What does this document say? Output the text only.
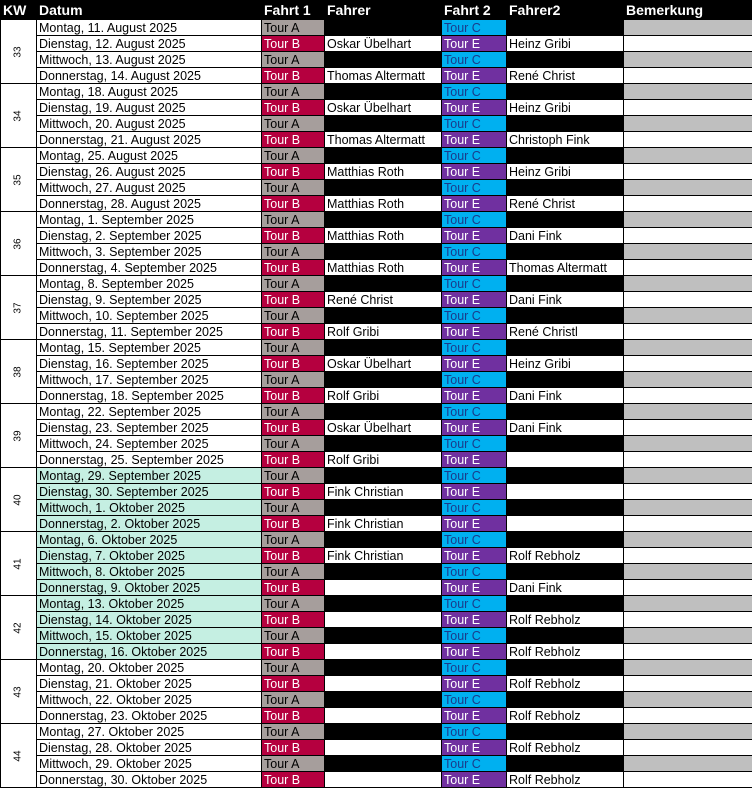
KW	Datum	Fahrt 1	Fahrer	Fahrt 2	Fahrer2	Bemerkung
33	Montag, 11. August 2025	Tour A		Tour C		
	Dienstag, 12. August 2025	Tour B	Oskar Übelhart	Tour E	Heinz Gribi	
	Mittwoch, 13. August 2025	Tour A		Tour C		
	Donnerstag, 14. August 2025	Tour B	Thomas Altermatt	Tour E	René Christ	
34	Montag, 18. August 2025	Tour A		Tour C		
	Dienstag, 19. August 2025	Tour B	Oskar Übelhart	Tour E	Heinz Gribi	
	Mittwoch, 20. August 2025	Tour A		Tour C		
	Donnerstag, 21. August 2025	Tour B	Thomas Altermatt	Tour E	Christoph Fink	
35	Montag, 25. August 2025	Tour A		Tour C		
	Dienstag, 26. August 2025	Tour B	Matthias Roth	Tour E	Heinz Gribi	
	Mittwoch, 27. August 2025	Tour A		Tour C		
	Donnerstag, 28. August 2025	Tour B	Matthias Roth	Tour E	René Christ	
36	Montag, 1. September 2025	Tour A		Tour C		
	Dienstag, 2. September 2025	Tour B	Matthias Roth	Tour E	Dani Fink	
	Mittwoch, 3. September 2025	Tour A		Tour C		
	Donnerstag, 4. September 2025	Tour B	Matthias Roth	Tour E	Thomas Altermatt	
37	Montag, 8. September 2025	Tour A		Tour C		
	Dienstag, 9. September 2025	Tour B	René Christ	Tour E	Dani Fink	
	Mittwoch, 10. September 2025	Tour A		Tour C		
	Donnerstag, 11. September 2025	Tour B	Rolf Gribi	Tour E	René Christl	
38	Montag, 15. September 2025	Tour A		Tour C		
	Dienstag, 16. September 2025	Tour B	Oskar Übelhart	Tour E	Heinz Gribi	
	Mittwoch, 17. September 2025	Tour A		Tour C		
	Donnerstag, 18. September 2025	Tour B	Rolf Gribi	Tour E	Dani Fink	
39	Montag, 22. September 2025	Tour A		Tour C		
	Dienstag, 23. September 2025	Tour B	Oskar Übelhart	Tour E	Dani Fink	
	Mittwoch, 24. September 2025	Tour A		Tour C		
	Donnerstag, 25. September 2025	Tour B	Rolf Gribi	Tour E		
40	Montag, 29. September 2025	Tour A		Tour C		
	Dienstag, 30. September 2025	Tour B	Fink Christian	Tour E		
	Mittwoch, 1. Oktober 2025	Tour A		Tour C		
	Donnerstag, 2. Oktober 2025	Tour B	Fink Christian	Tour E		
41	Montag, 6. Oktober 2025	Tour A		Tour C		
	Dienstag, 7. Oktober 2025	Tour B	Fink Christian	Tour E	Rolf Rebholz	
	Mittwoch, 8. Oktober 2025	Tour A		Tour C		
	Donnerstag, 9. Oktober 2025	Tour B		Tour E	Dani Fink	
42	Montag, 13. Oktober 2025	Tour A		Tour C		
	Dienstag, 14. Oktober 2025	Tour B		Tour E	Rolf Rebholz	
	Mittwoch, 15. Oktober 2025	Tour A		Tour C		
	Donnerstag, 16. Oktober 2025	Tour B		Tour E	Rolf Rebholz	
43	Montag, 20. Oktober 2025	Tour A		Tour C		
	Dienstag, 21. Oktober 2025	Tour B		Tour E	Rolf Rebholz	
	Mittwoch, 22. Oktober 2025	Tour A		Tour C		
	Donnerstag, 23. Oktober 2025	Tour B		Tour E	Rolf Rebholz	
44	Montag, 27. Oktober 2025	Tour A		Tour C		
	Dienstag, 28. Oktober 2025	Tour B		Tour E	Rolf Rebholz	
	Mittwoch, 29. Oktober 2025	Tour A		Tour C		
	Donnerstag, 30. Oktober 2025	Tour B		Tour E	Rolf Rebholz	
